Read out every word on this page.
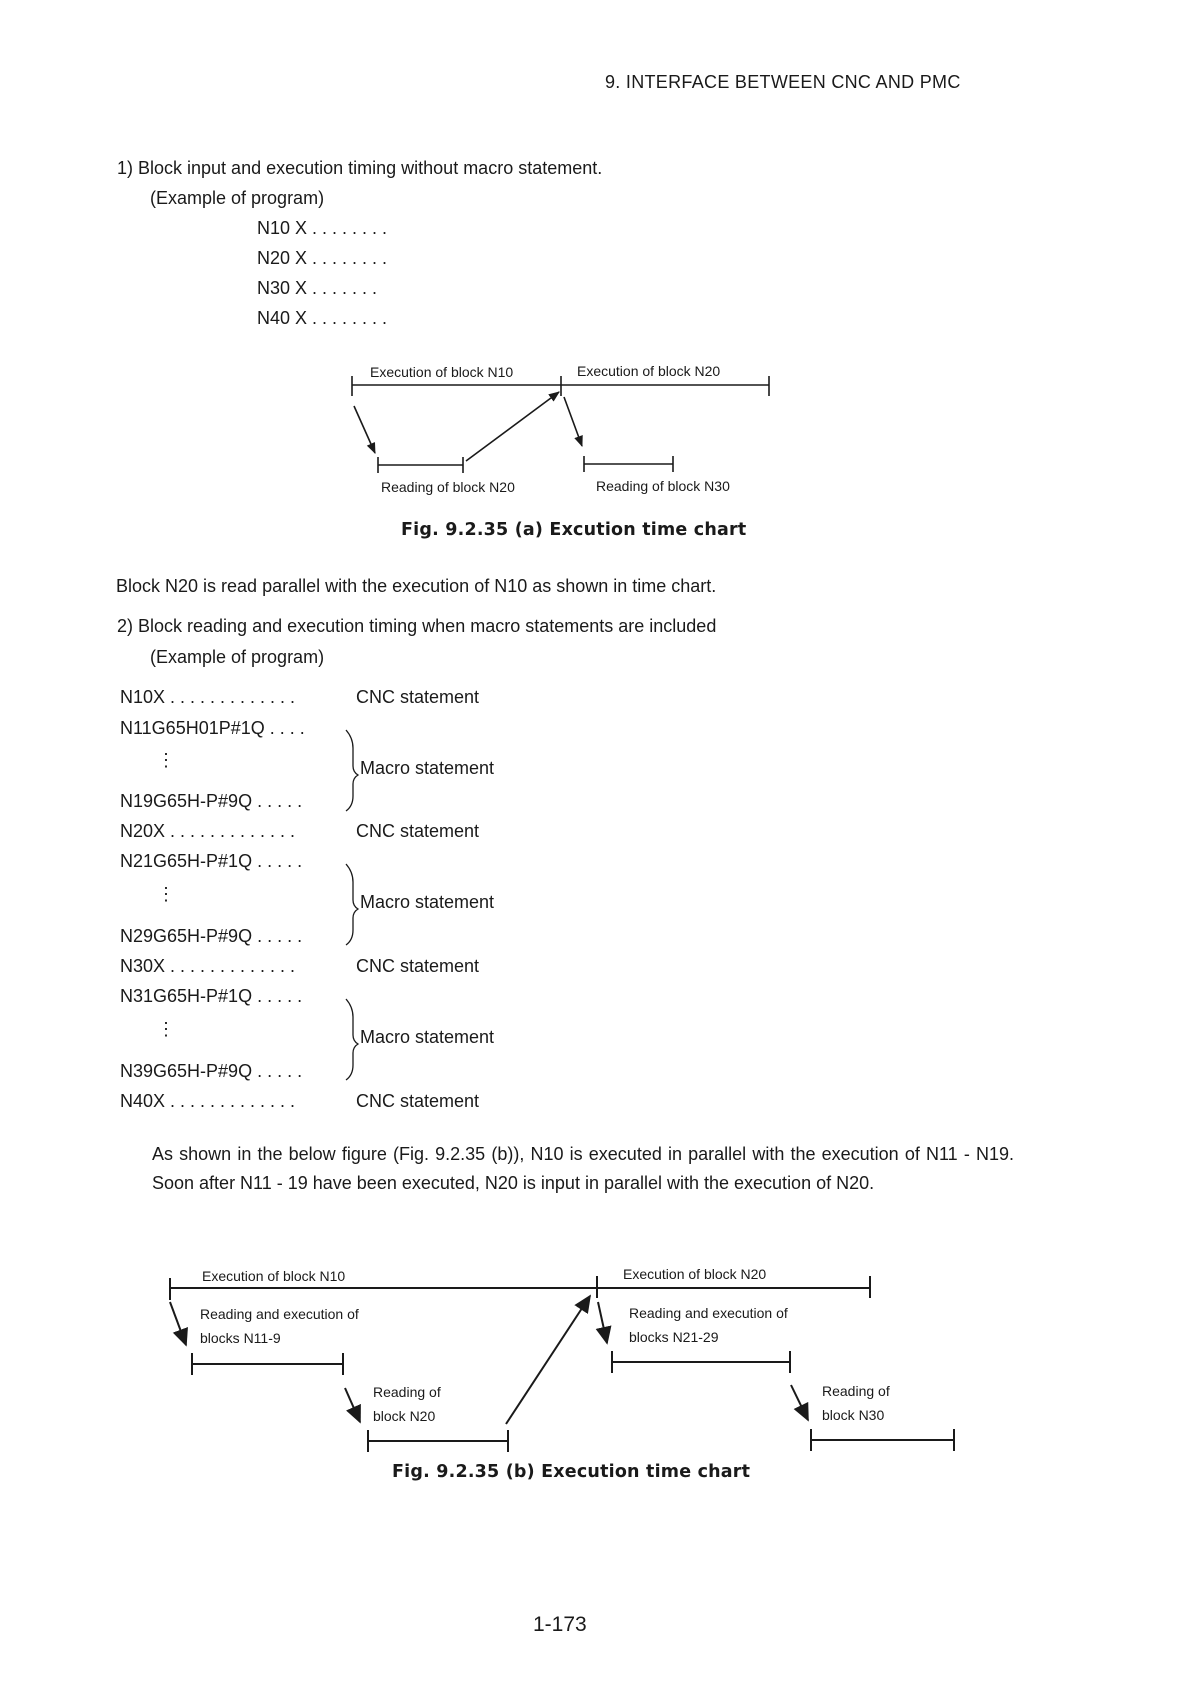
9. INTERFACE BETWEEN CNC AND PMC
1) Block input and execution timing without macro statement.
(Example of program)
N10 X . . . . . . . .
N20 X . . . . . . . .
N30 X . . . . . . .
N40 X . . . . . . . .
Execution of block N10	Execution of block N20
Reading of block N20	Reading of block N30
Fig. 9.2.35 (a) Excution time chart
Block N20 is read parallel with the execution of N10 as shown in time chart.
2) Block reading and execution timing when macro statements are included
(Example of program)
N10X . . . . . . . . . . . . .	CNC statement
N11G65H01P#1Q . . . .
⋮	Macro statement
N19G65H-P#9Q . . . . .
N20X . . . . . . . . . . . . .	CNC statement
N21G65H-P#1Q . . . . .
⋮	Macro statement
N29G65H-P#9Q . . . . .
N30X . . . . . . . . . . . . .	CNC statement
N31G65H-P#1Q . . . . .
⋮	Macro statement
N39G65H-P#9Q . . . . .
N40X . . . . . . . . . . . . .	CNC statement
As shown in the below figure (Fig. 9.2.35 (b)), N10 is executed in parallel with the execution of N11 - N19. Soon after N11 - 19 have been executed, N20 is input in parallel with the execution of N20.
Execution of block N10	Execution of block N20
Reading and execution of
blocks N11-9
Reading and execution of
blocks N21-29
Reading of
block N20
Reading of
block N30
Fig. 9.2.35 (b) Execution time chart
1-173
